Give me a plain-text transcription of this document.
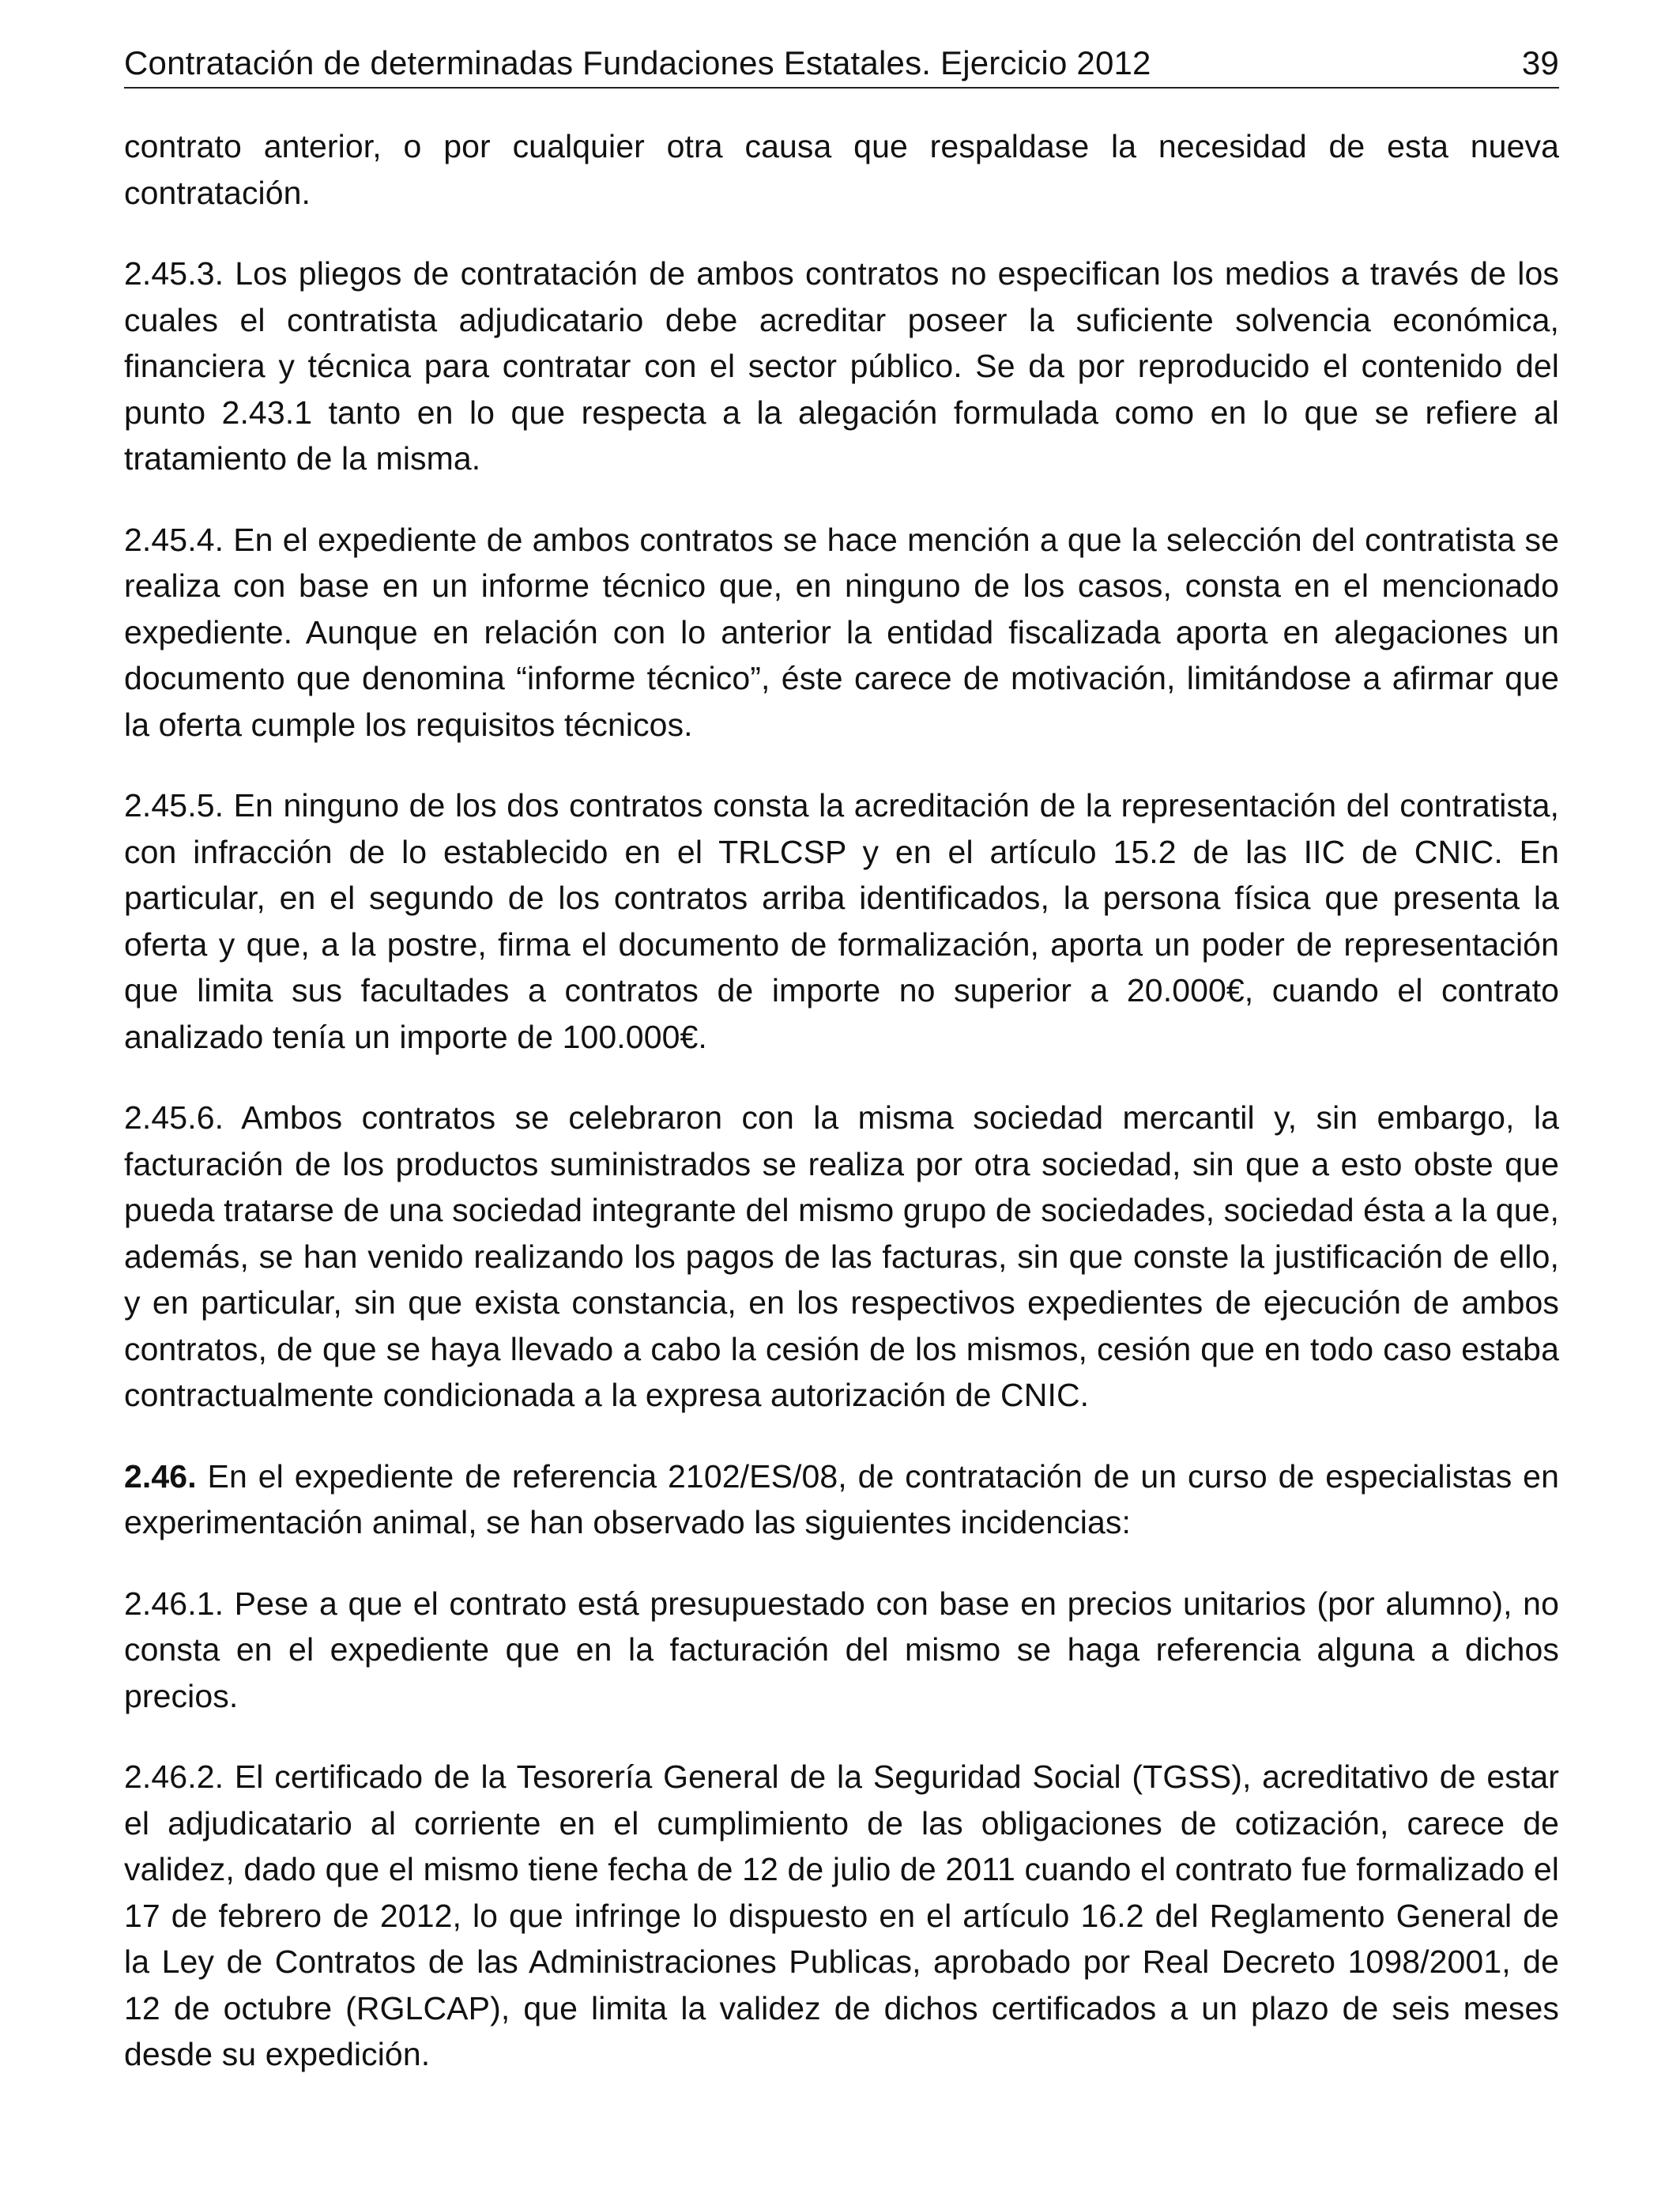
Contratación de determinadas Fundaciones Estatales. Ejercicio 2012	39

contrato anterior, o por cualquier otra causa que respaldase la necesidad de esta nueva contratación.

2.45.3. Los pliegos de contratación de ambos contratos no especifican los medios a través de los cuales el contratista adjudicatario debe acreditar poseer la suficiente solvencia económica, financiera y técnica para contratar con el sector público. Se da por reproducido el contenido del punto 2.43.1 tanto en lo que respecta a la alegación formulada como en lo que se refiere al tratamiento de la misma.

2.45.4. En el expediente de ambos contratos se hace mención a que la selección del contratista se realiza con base en un informe técnico que, en ninguno de los casos, consta en el mencionado expediente. Aunque en relación con lo anterior la entidad fiscalizada aporta en alegaciones un documento que denomina “informe técnico”, éste carece de motivación, limitándose a afirmar que la oferta cumple los requisitos técnicos.

2.45.5. En ninguno de los dos contratos consta la acreditación de la representación del contratista, con infracción de lo establecido en el TRLCSP y en el artículo 15.2 de las IIC de CNIC. En particular, en el segundo de los contratos arriba identificados, la persona física que presenta la oferta y que, a la postre, firma el documento de formalización, aporta un poder de representación que limita sus facultades a contratos de importe no superior a 20.000€, cuando el contrato analizado tenía un importe de 100.000€.

2.45.6. Ambos contratos se celebraron con la misma sociedad mercantil y, sin embargo, la facturación de los productos suministrados se realiza por otra sociedad, sin que a esto obste que pueda tratarse de una sociedad integrante del mismo grupo de sociedades, sociedad ésta a la que, además, se han venido realizando los pagos de las facturas, sin que conste la justificación de ello, y en particular, sin que exista constancia, en los respectivos expedientes de ejecución de ambos contratos, de que se haya llevado a cabo la cesión de los mismos, cesión que en todo caso estaba contractualmente condicionada a la expresa autorización de CNIC.

2.46. En el expediente de referencia 2102/ES/08, de contratación de un curso de especialistas en experimentación animal, se han observado las siguientes incidencias:

2.46.1. Pese a que el contrato está presupuestado con base en precios unitarios (por alumno), no consta en el expediente que en la facturación del mismo se haga referencia alguna a dichos precios.

2.46.2. El certificado de la Tesorería General de la Seguridad Social (TGSS), acreditativo de estar el adjudicatario al corriente en el cumplimiento de las obligaciones de cotización, carece de validez, dado que el mismo tiene fecha de 12 de julio de 2011 cuando el contrato fue formalizado el 17 de febrero de 2012, lo que infringe lo dispuesto en el artículo 16.2 del Reglamento General de la Ley de Contratos de las Administraciones Publicas, aprobado por Real Decreto 1098/2001, de 12 de octubre (RGLCAP), que limita la validez de dichos certificados a un plazo de seis meses desde su expedición.
